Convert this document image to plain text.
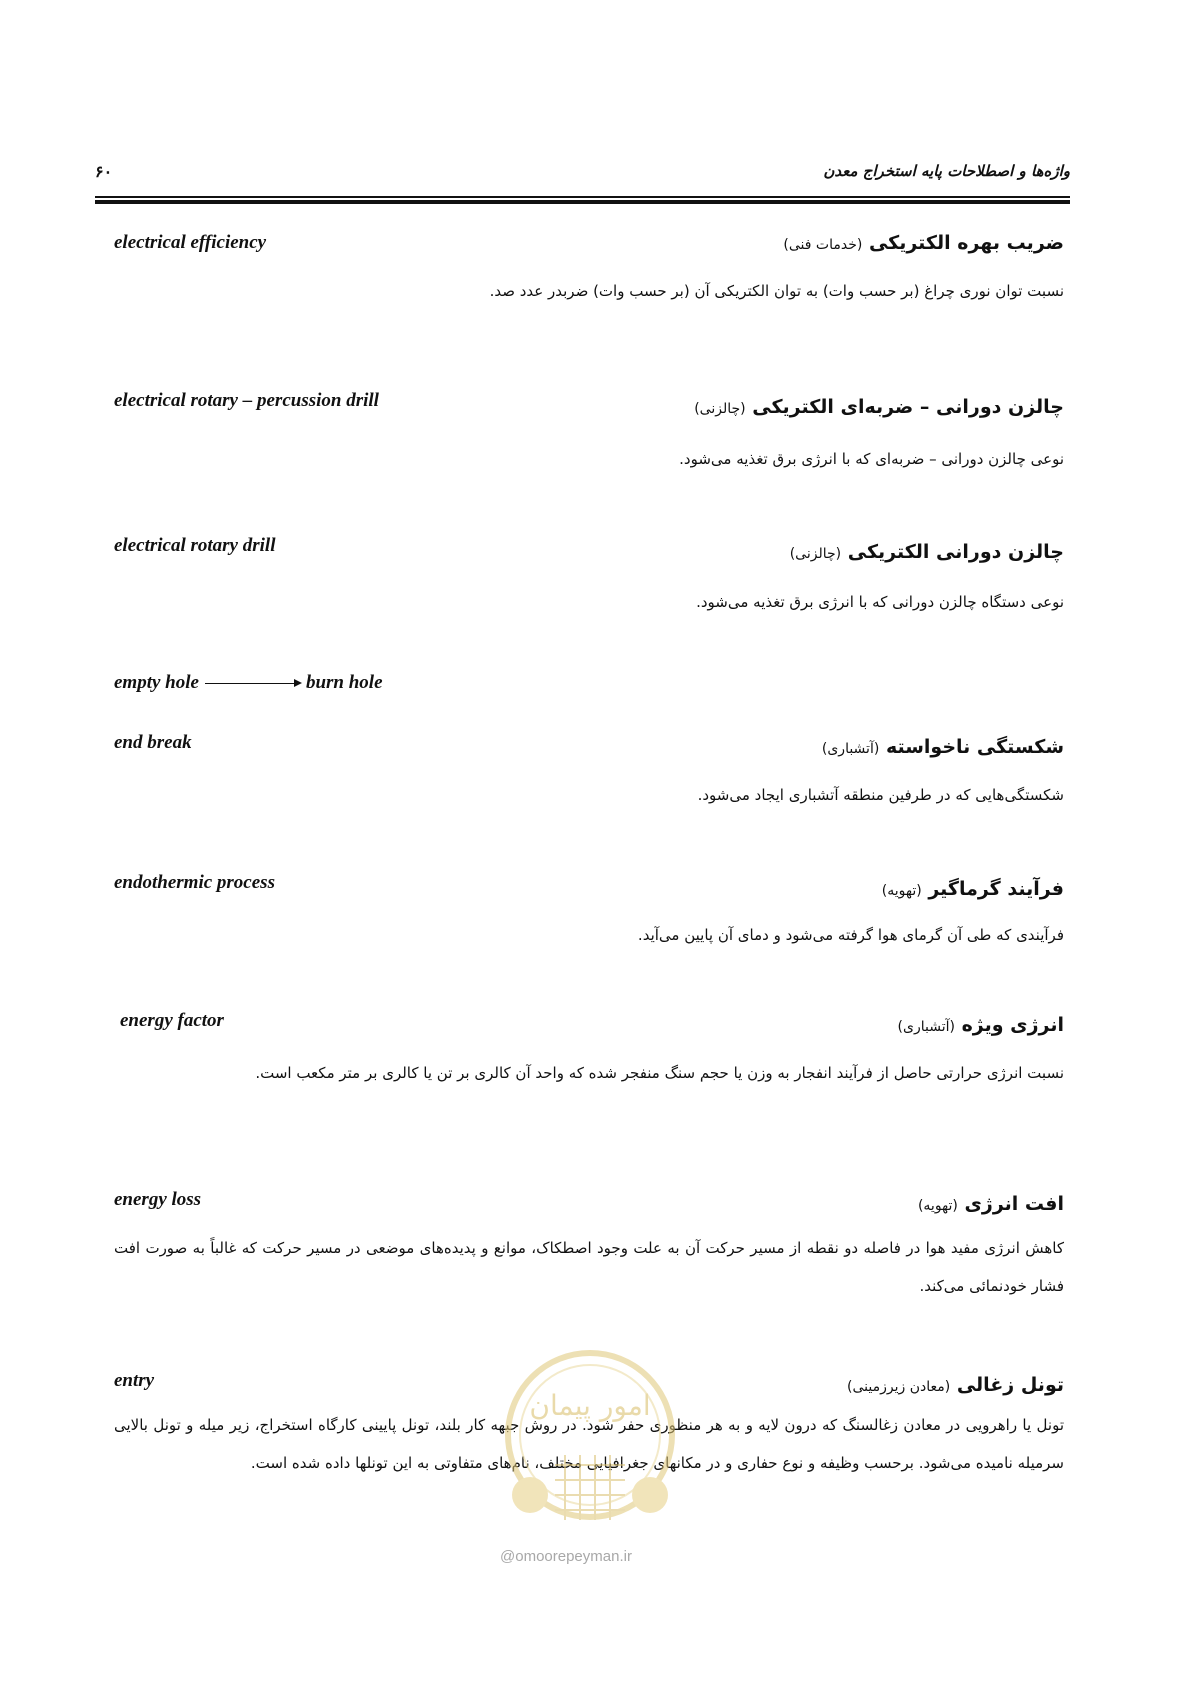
۶۰	واژه‌ها و اصطلاحات پایه استخراج معدن
electrical efficiency	ضریب بهره الکتریکی (خدمات فنی)
نسبت توان نوری چراغ (بر حسب وات) به توان الکتریکی آن (بر حسب وات) ضربدر عدد صد.
electrical rotary – percussion drill	چالزن دورانی – ضربه‌ای الکتریکی (چالزنی)
نوعی چالزن دورانی – ضربه‌ای که با انرژی برق تغذیه می‌شود.
electrical rotary drill	چالزن دورانی الکتریکی (چالزنی)
نوعی دستگاه چالزن دورانی که با انرژی برق تغذیه می‌شود.
empty hole	burn hole
end break	شکستگی ناخواسته (آتشباری)
شکستگی‌هایی که در طرفین منطقه آتشباری ایجاد می‌شود.
endothermic process	فرآیند گرماگیر (تهویه)
فرآیندی که طی آن گرمای هوا گرفته می‌شود و دمای آن پایین می‌آید.
energy factor	انرژی ویژه (آتشباری)
نسبت انرژی حرارتی حاصل از فرآیند انفجار به وزن یا حجم سنگ منفجر شده که واحد آن کالری بر تن یا کالری بر متر مکعب است.
energy loss	افت انرژی (تهویه)
کاهش انرژی مفید هوا در فاصله دو نقطه از مسیر حرکت آن به علت وجود اصطکاک، موانع و پدیده‌های موضعی در مسیر حرکت که غالباً به صورت افت فشار خودنمائی می‌کند.
entry	تونل زغالی (معادن زیرزمینی)
تونل یا راهرویی در معادن زغالسنگ که درون لایه و به هر منظوری حفر شود. در روش جبهه کار بلند، تونل پایینی کارگاه استخراج، زیر میله و تونل بالایی سرمیله نامیده می‌شود. برحسب وظیفه و نوع حفاری و در مکانهای جغرافیایی مختلف، نام‌های متفاوتی به این تونلها داده شده است.
امور پیمان
@omoorepeyman.ir
